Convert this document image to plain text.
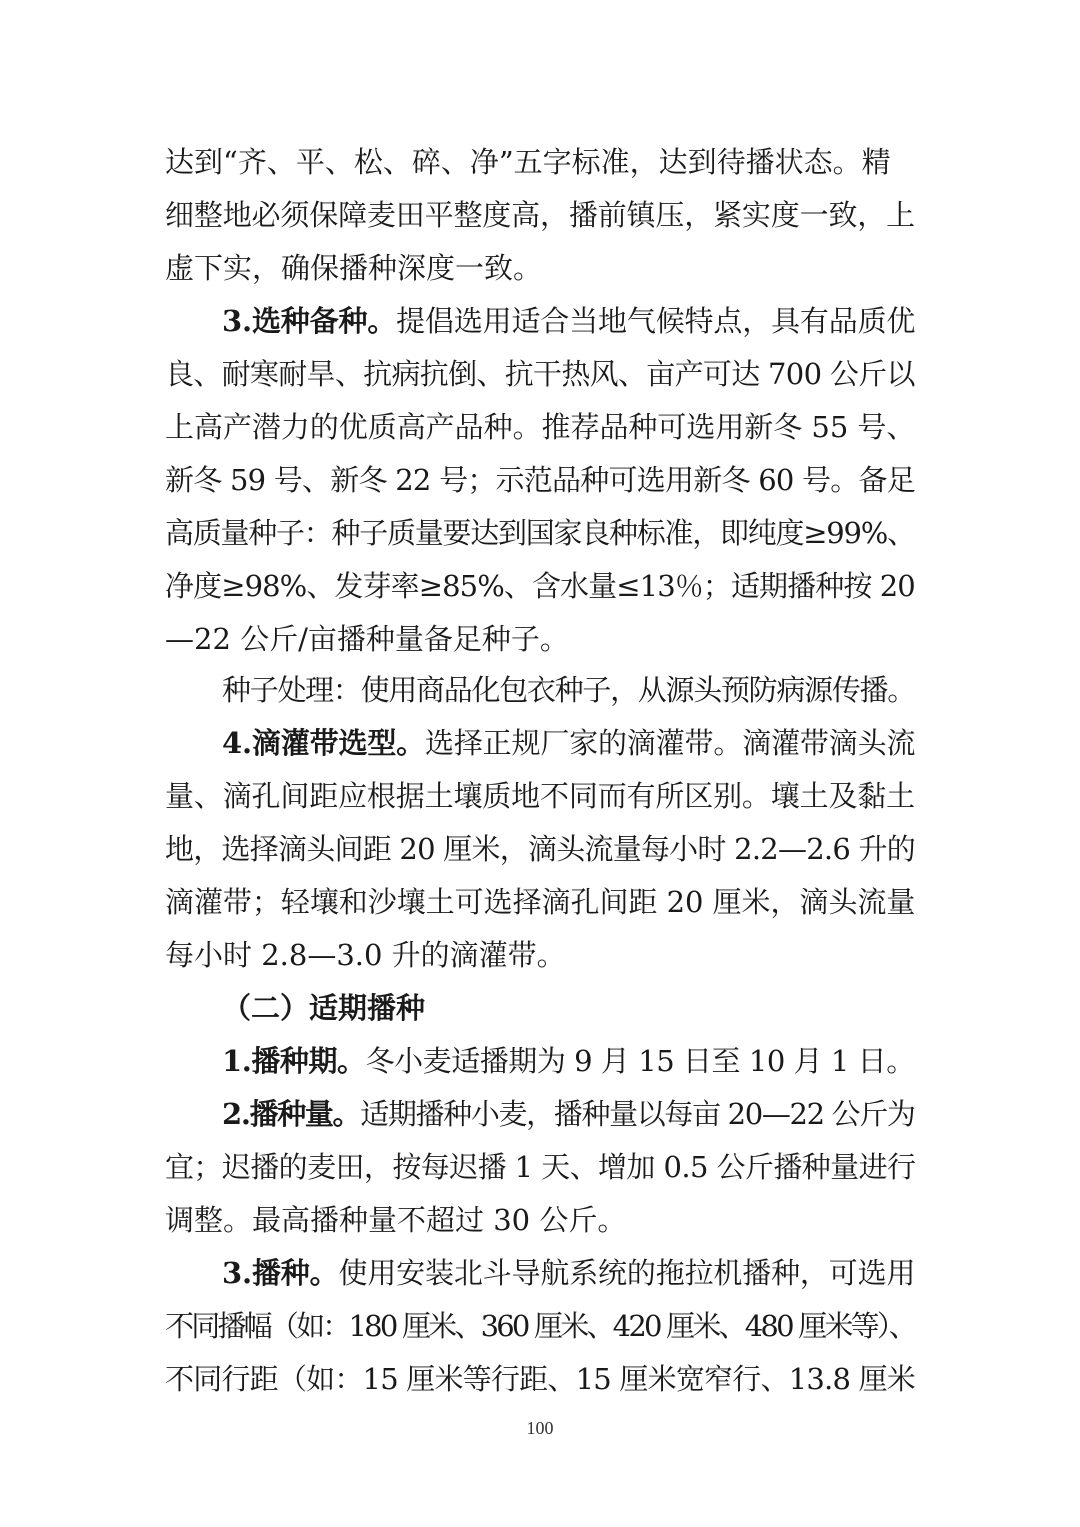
达到“齐、平、松、碎、净”五字标准，达到待播状态。精
细整地必须保障麦田平整度高，播前镇压，紧实度一致，上
虚下实，确保播种深度一致。
3.选种备种。提倡选用适合当地气候特点，具有品质优
良、耐寒耐旱、抗病抗倒、抗干热风、亩产可达 700 公斤以
上高产潜力的优质高产品种。推荐品种可选用新冬 55 号、
新冬 59 号、新冬 22 号；示范品种可选用新冬 60 号。备足
高质量种子：种子质量要达到国家良种标准，即纯度≥99%、
净度≥98%、发芽率≥85%、含水量≤13％；适期播种按 20
—22 公斤/亩播种量备足种子。
种子处理：使用商品化包衣种子，从源头预防病源传播。
4.滴灌带选型。选择正规厂家的滴灌带。滴灌带滴头流
量、滴孔间距应根据土壤质地不同而有所区别。壤土及黏土
地，选择滴头间距 20 厘米，滴头流量每小时 2.2—2.6 升的
滴灌带；轻壤和沙壤土可选择滴孔间距 20 厘米，滴头流量
每小时 2.8—3.0 升的滴灌带。
（二）适期播种
1.播种期。冬小麦适播期为 9 月 15 日至 10 月 1 日。
2.播种量。适期播种小麦，播种量以每亩 20—22 公斤为
宜；迟播的麦田，按每迟播 1 天、增加 0.5 公斤播种量进行
调整。最高播种量不超过 30 公斤。
3.播种。使用安装北斗导航系统的拖拉机播种，可选用
不同播幅（如：180 厘米、360 厘米、420 厘米、480 厘米等）、
不同行距（如：15 厘米等行距、15 厘米宽窄行、13.8 厘米
100
